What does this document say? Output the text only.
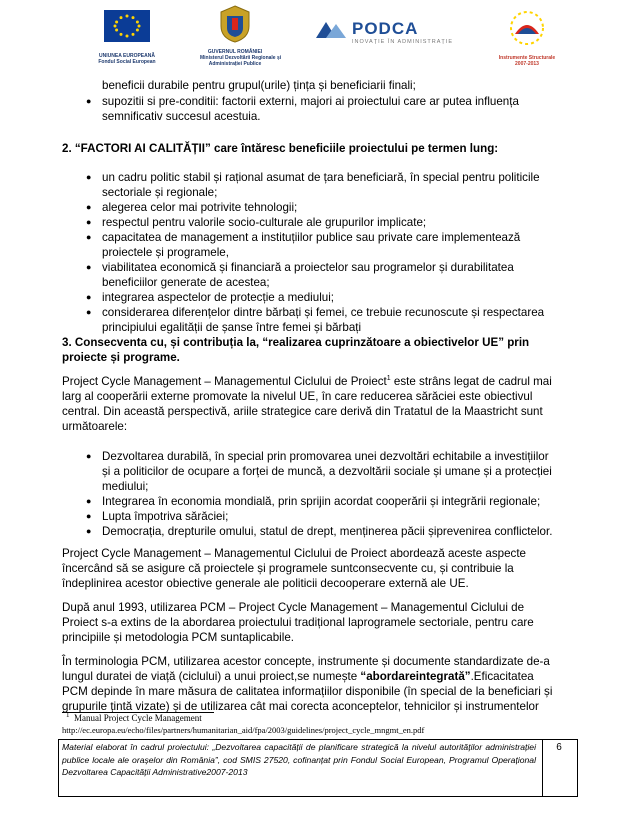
UNIUNEA EUROPEANĂ
Fondul Social European
GUVERNUL ROMÂNIEI
Ministerul Dezvoltării Regionale și
Administrației Publice
PODCA
INOVAȚIE ÎN ADMINISTRAȚIE
Instrumente Structurale
2007-2013
beneficii durabile pentru grupul(urile) țința și beneficiarii finali;
● supozitii si pre-conditii: factorii externi, majori ai proiectului care ar putea influența
semnificativ succesul acestuia.
2. “FACTORI AI CALITĂȚII” care întăresc beneficiile proiectului pe termen lung:
● un cadru politic stabil și rațional asumat de țara beneficiară, în special pentru politicile
sectoriale și regionale;
● alegerea celor mai potrivite tehnologii;
● respectul pentru valorile socio-culturale ale grupurilor implicate;
● capacitatea de management a instituțiilor publice sau private care implementează
proiectele și programele,
● viabilitatea economică și financiară a proiectelor sau programelor și durabilitatea
beneficiilor generate de acestea;
● integrarea aspectelor de protecție a mediului;
● considerarea diferențelor dintre bărbați și femei, ce trebuie recunoscute și respectarea
principiului egalității de șanse între femei și bărbați
3. Consecventa cu, și contribuția la, “realizarea cuprinzătoare a obiectivelor UE” prin
proiecte și programe.
Project Cycle Management – Managementul Ciclului de Proiect$^1$ este strâns legat de cadrul mai
larg al cooperării externe promovate la nivelul UE, în care reducerea sărăciei este obiectivul
central. Din această perspectivă, ariile strategice care derivă din Tratatul de la Maastricht sunt
următoarele:
● Dezvoltarea durabilă, în special prin promovarea unei dezvoltări echitabile a investițiilor
și a politicilor de ocupare a forței de muncă, a dezvoltării sociale și umane și a protecției
mediului;
● Integrarea în economia mondială, prin sprijin acordat cooperării și integrării regionale;
● Lupta împotriva sărăciei;
● Democrația, drepturile omului, statul de drept, menținerea păcii șiprevenirea conflictelor.
Project Cycle Management – Managementul Ciclului de Proiect abordează aceste aspecte
încercând să se asigure că proiectele și programele suntconsecvente cu, și contribuie la
îndeplinirea acestor obiective generale ale politicii decooperare externă ale UE.
După anul 1993, utilizarea PCM – Project Cycle Management – Managementul Ciclului de
Proiect s-a extins de la abordarea proiectului tradițional laprogramele sectoriale, pentru care
principiile și metodologia PCM suntaplicabile.
În terminologia PCM, utilizarea acestor concepte, instrumente și documente standardizate de-a
lungul duratei de viață (ciclului) a unui proiect,se numește “abordareintegrată”.Eficacitatea
PCM depinde în mare măsura de calitatea informațiilor disponibile (în special de la beneficiari și
grupurile țintă vizate) și de utilizarea cât mai corecta aconceptelor, tehnicilor și instrumentelor
$^1$ Manual Project Cycle Management
http://ec.europa.eu/echo/files/partners/humanitarian_aid/fpa/2003/guidelines/project_cycle_mngmt_en.pdf
Material elaborat în cadrul proiectului: „Dezvoltarea capacității de planificare strategică la nivelul autorităților administrației publice locale ale orașelor din România”, cod SMIS 27520, cofinanțat prin Fondul Social European, Programul Operațional Dezvoltarea Capacității Administrative2007-2013
6
